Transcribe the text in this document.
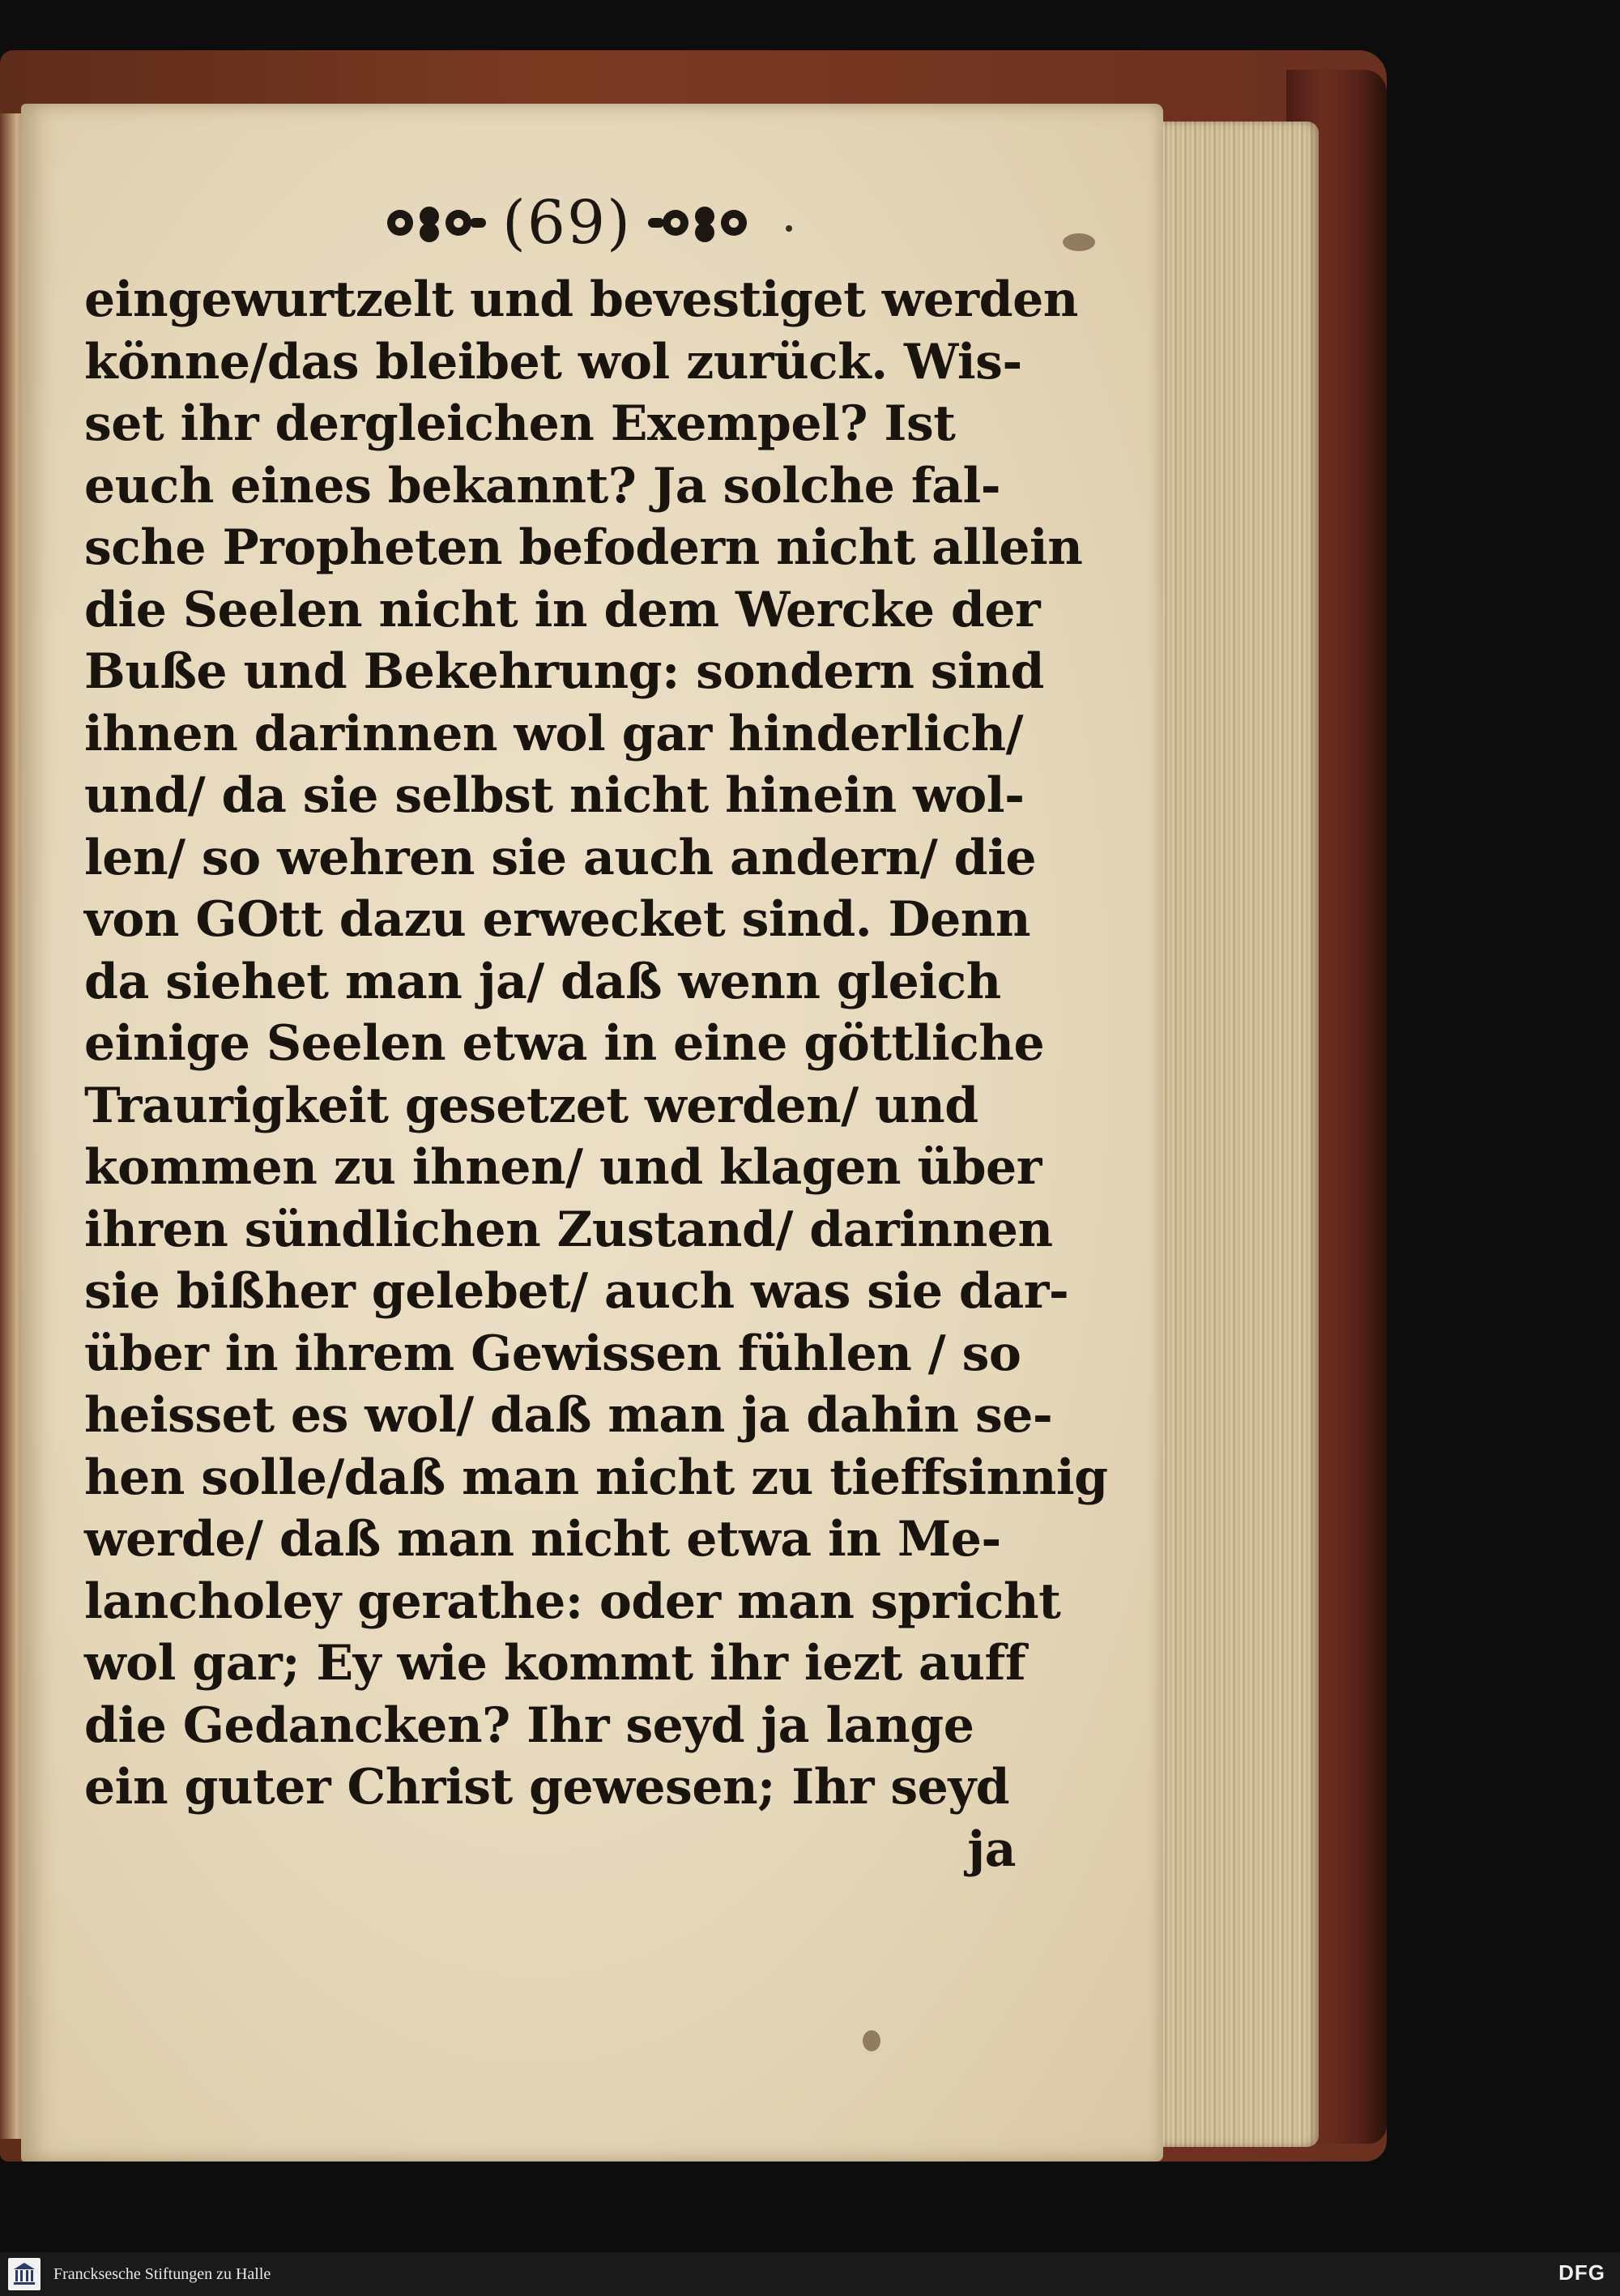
(69)
eingewurtzelt und bevestiget werden
könne/das bleibet wol zurück. Wis-
set ihr dergleichen Exempel? Ist
euch eines bekannt? Ja solche fal-
sche Propheten befodern nicht allein
die Seelen nicht in dem Wercke der
Buße und Bekehrung: sondern sind
ihnen darinnen wol gar hinderlich/
und/ da sie selbst nicht hinein wol-
len/ so wehren sie auch andern/ die
von GOtt dazu erwecket sind. Denn
da siehet man ja/ daß wenn gleich
einige Seelen etwa in eine göttliche
Traurigkeit gesetzet werden/ und
kommen zu ihnen/ und klagen über
ihren sündlichen Zustand/ darinnen
sie bißher gelebet/ auch was sie dar-
über in ihrem Gewissen fühlen / so
heisset es wol/ daß man ja dahin se-
hen solle/daß man nicht zu tieffsinnig
werde/ daß man nicht etwa in Me-
lancholey gerathe: oder man spricht
wol gar; Ey wie kommt ihr iezt auff
die Gedancken? Ihr seyd ja lange
ein guter Christ gewesen; Ihr seyd
ja
Francksesche Stiftungen zu Halle	DFG
